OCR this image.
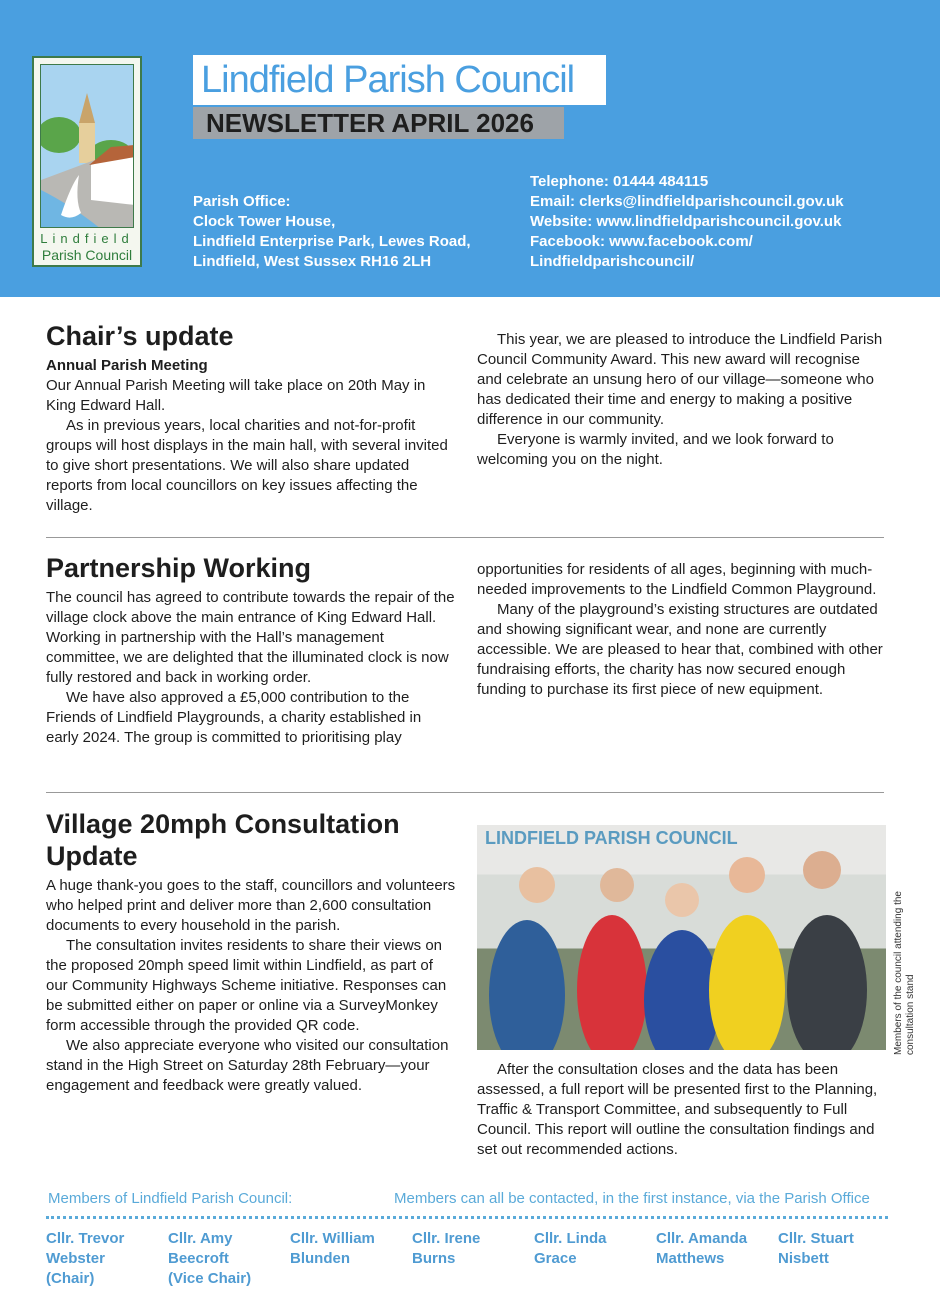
Lindfield
Parish Council
Lindfield Parish Council
NEWSLETTER APRIL 2026
Parish Office:
Clock Tower House,
Lindfield Enterprise Park, Lewes Road,
Lindfield, West Sussex RH16 2LH
Telephone: 01444 484115
Email: clerks@lindfieldparishcouncil.gov.uk
Website: www.lindfieldparishcouncil.gov.uk
Facebook: www.facebook.com/
Lindfieldparishcouncil/
Chair’s update
Annual Parish Meeting

Our Annual Parish Meeting will take place on 20th May in King Edward Hall.

As in previous years, local charities and not-for-profit groups will host displays in the main hall, with several invited to give short presentations. We will also share updated reports from local councillors on key issues affecting the village.

This year, we are pleased to introduce the Lindfield Parish Council Community Award. This new award will recognise and celebrate an unsung hero of our village—someone who has dedicated their time and energy to making a positive difference in our community.

Everyone is warmly invited, and we look forward to welcoming you on the night.

Partnership Working

The council has agreed to contribute towards the repair of the village clock above the main entrance of King Edward Hall. Working in partnership with the Hall’s management committee, we are delighted that the illuminated clock is now fully restored and back in working order.

We have also approved a £5,000 contribution to the Friends of Lindfield Playgrounds, a charity established in early 2024. The group is committed to prioritising play

opportunities for residents of all ages, beginning with much-needed improvements to the Lindfield Common Playground.

Many of the playground’s existing structures are outdated and showing significant wear, and none are currently accessible. We are pleased to hear that, combined with other fundraising efforts, the charity has now secured enough funding to purchase its first piece of new equipment.

Village 20mph Consultation Update

A huge thank-you goes to the staff, councillors and volunteers who helped print and deliver more than 2,600 consultation documents to every household in the parish.

The consultation invites residents to share their views on the proposed 20mph speed limit within Lindfield, as part of our Community Highways Scheme initiative. Responses can be submitted either on paper or online via a SurveyMonkey form accessible through the provided QR code.

We also appreciate everyone who visited our consultation stand in the High Street on Saturday 28th February—your engagement and feedback were greatly valued.

LINDFIELD PARISH COUNCIL
Members of the council attending the consultation stand

After the consultation closes and the data has been assessed, a full report will be presented first to the Planning, Traffic & Transport Committee, and subsequently to Full Council. This report will outline the consultation findings and set out recommended actions.

Members of Lindfield Parish Council:	Members can all be contacted, in the first instance, via the Parish Office
Cllr. Trevor
Webster
(Chair)
Cllr. Amy
Beecroft
(Vice Chair)
Cllr. William
Blunden
Cllr. Irene
Burns
Cllr. Linda
Grace
Cllr. Amanda
Matthews
Cllr. Stuart
Nisbett
